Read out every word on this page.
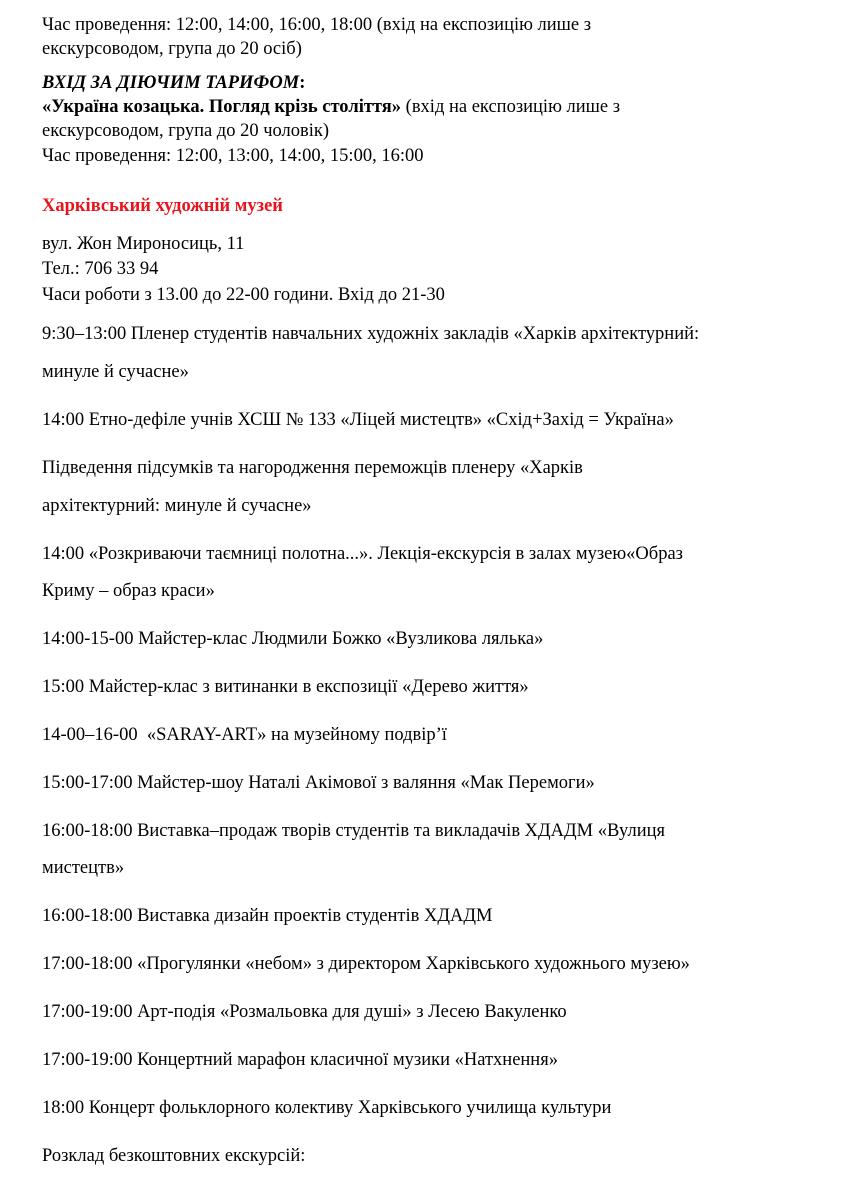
Час проведення: 12:00, 14:00, 16:00, 18:00 (вхід на експозицію лише з
екскурсоводом, група до 20 осіб)
ВХІД ЗА ДІЮЧИМ ТАРИФОМ:
«Україна козацька. Погляд крізь століття» (вхід на експозицію лише з
екскурсоводом, група до 20 чоловік)
Час проведення: 12:00, 13:00, 14:00, 15:00, 16:00
Харківський художній музей
вул. Жон Мироносиць, 11
Тел.: 706 33 94
Часи роботи з 13.00 до 22-00 години. Вхід до 21-30
9:30–13:00 Пленер студентів навчальних художніх закладів «Харків архітектурний:
минуле й сучасне»
14:00 Етно-дефіле учнів ХСШ № 133 «Ліцей мистецтв» «Схід+Захід = Україна»
Підведення підсумків та нагородження переможців пленеру «Харків
архітектурний: минуле й сучасне»
14:00 «Розкриваючи таємниці полотна...». Лекція-екскурсія в залах музею«Образ
Криму – образ краси»
14:00-15-00 Майстер-клас Людмили Божко «Вузликова лялька»
15:00 Майстер-клас з витинанки в експозиції «Дерево життя»
14-00–16-00  «SARAY-ART» на музейному подвір’ї
15:00-17:00 Майстер-шоу Наталі Акімової з валяння «Мак Перемоги»
16:00-18:00 Виставка–продаж творів студентів та викладачів ХДАДМ «Вулиця
мистецтв»
16:00-18:00 Виставка дизайн проектів студентів ХДАДМ
17:00-18:00 «Прогулянки «небом» з директором Харківського художнього музею»
17:00-19:00 Арт-подія «Розмальовка для душі» з Лесею Вакуленко
17:00-19:00 Концертний марафон класичної музики «Натхнення»
18:00 Концерт фольклорного колективу Харківського училища культури
Розклад безкоштовних екскурсій:
